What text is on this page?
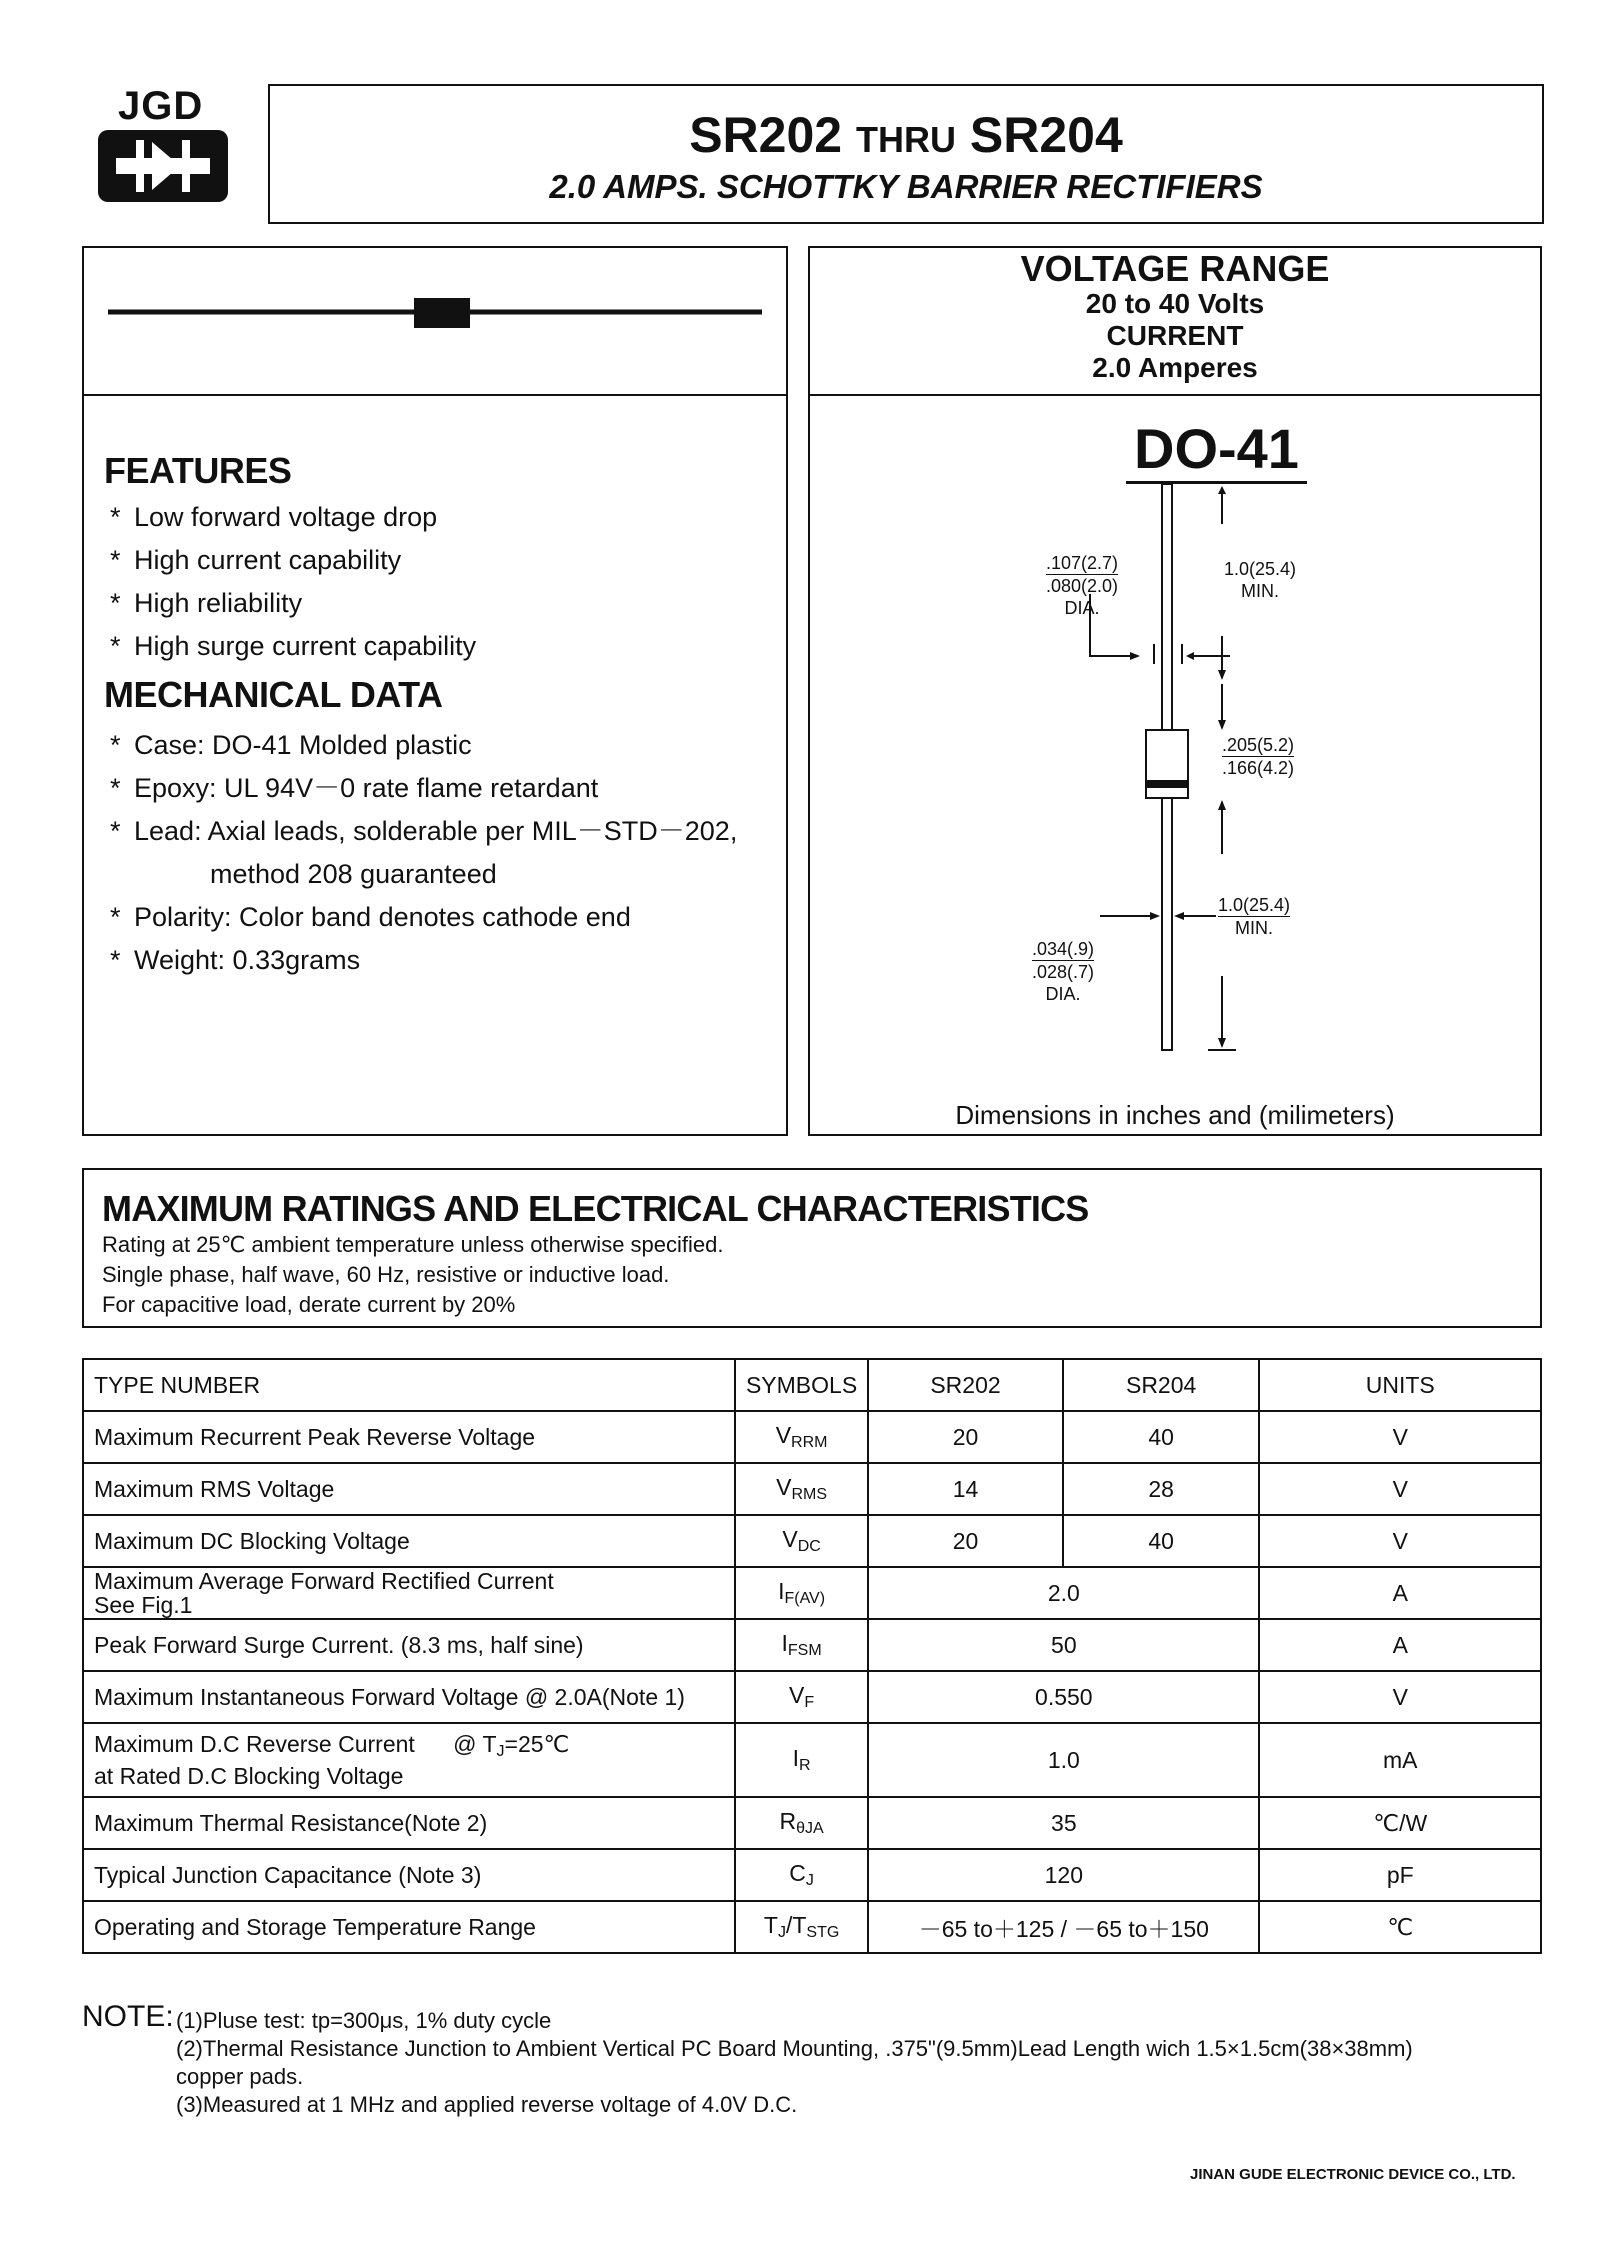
JGD
SR202 THRU SR204
2.0 AMPS. SCHOTTKY BARRIER RECTIFIERS
FEATURES
* Low forward voltage drop
* High current capability
* High reliability
* High surge current capability
MECHANICAL DATA
* Case: DO-41 Molded plastic
* Epoxy: UL 94V－0 rate flame retardant
* Lead: Axial leads, solderable per MIL－STD－202,
method 208 guaranteed
* Polarity: Color band denotes cathode end
* Weight: 0.33grams
VOLTAGE RANGE
20 to 40 Volts
CURRENT
2.0 Amperes
DO-41
.107(2.7)
.080(2.0)
DIA.
1.0(25.4)
MIN.
.205(5.2)
.166(4.2)
1.0(25.4)
MIN.
.034(.9)
.028(.7)
DIA.
Dimensions in inches and (milimeters)
MAXIMUM RATINGS AND ELECTRICAL CHARACTERISTICS
Rating at 25℃ ambient temperature unless otherwise specified.
Single phase, half wave, 60 Hz, resistive or inductive load.
For capacitive load, derate current by 20%
TYPE NUMBER	SYMBOLS	SR202	SR204	UNITS
Maximum Recurrent Peak Reverse Voltage	$V_{RRM}$	20	40	V
Maximum RMS Voltage	$V_{RMS}$	14	28	V
Maximum DC Blocking Voltage	$V_{DC}$	20	40	V

Maximum Average Forward Rectified Current
See Fig.1	$I_{F(AV)}$	2.0		A
Peak Forward Surge Current. (8.3 ms, half sine)	$I_{FSM}$	50		A
Maximum Instantaneous Forward Voltage @ 2.0A(Note 1)	$V_F$	0.550		V

Maximum D.C Reverse Current @ $T_J=25℃$
at Rated D.C Blocking Voltage	$I_R$	1.0		mA
Maximum Thermal Resistance(Note 2)	$R_{\theta JA}$	35		℃/W
Typical Junction Capacitance (Note 3)	$C_J$	120		pF
Operating and Storage Temperature Range	$T_J/T_{STG}$	－65 to＋125 / －65 to＋150		℃
NOTE: (1)Pluse test: tp=300μs, 1% duty cycle
(2)Thermal Resistance Junction to Ambient Vertical PC Board Mounting, .375"(9.5mm)Lead Length wich 1.5×1.5cm(38×38mm)
copper pads.
(3)Measured at 1 MHz and applied reverse voltage of 4.0V D.C.
JINAN GUDE ELECTRONIC DEVICE CO., LTD.
